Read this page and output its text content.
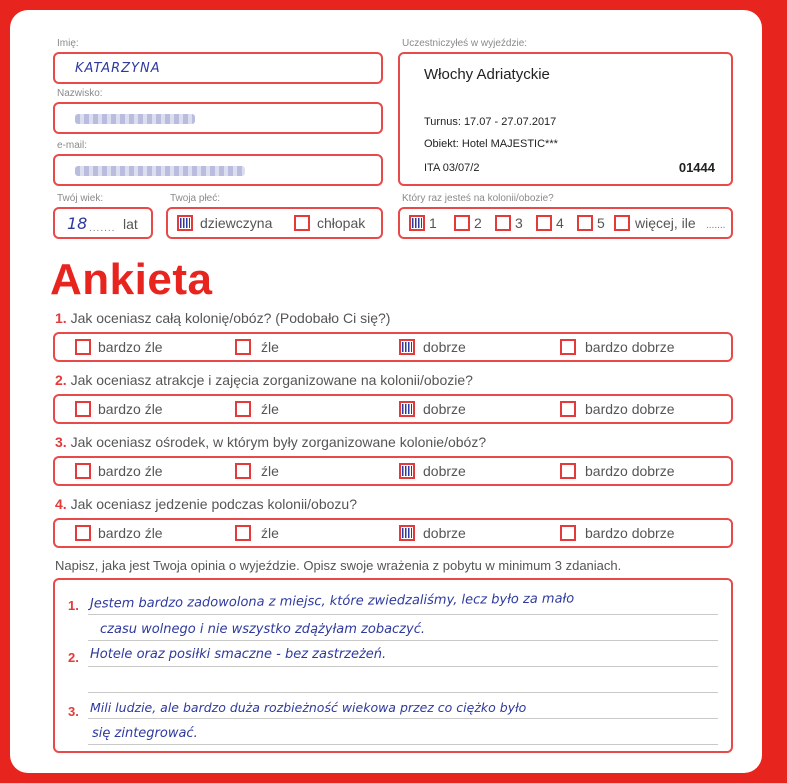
Imię:
KATARZYNA
Nazwisko:
e-mail:
Twój wiek:
18 ....... lat
Twoja płeć:
dziewczyna	chłopak
Uczestniczyłeś w wyjeździe:
Włochy Adriatyckie
Turnus: 17.07 - 27.07.2017
Obiekt: Hotel MAJESTIC***
ITA 03/07/2	01444
Który raz jesteś na kolonii/obozie?
1	2 3 4 5 więcej, ile .......
Ankieta
1. Jak oceniasz całą kolonię/obóz? (Podobało Ci się?)
bardzo źle	źle	dobrze	bardzo dobrze
2. Jak oceniasz atrakcje i zajęcia zorganizowane na kolonii/obozie?
bardzo źle	źle	dobrze	bardzo dobrze
3. Jak oceniasz ośrodek, w którym były zorganizowane kolonie/obóz?
bardzo źle	źle	dobrze	bardzo dobrze
4. Jak oceniasz jedzenie podczas kolonii/obozu?
bardzo źle	źle	dobrze	bardzo dobrze
Napisz, jaka jest Twoja opinia o wyjeździe. Opisz swoje wrażenia z pobytu w minimum 3 zdaniach.
1.
2.
3.
Jestem bardzo zadowolona z miejsc, które zwiedzaliśmy, lecz było za mało
czasu wolnego i nie wszystko zdążyłam zobaczyć.
Hotele oraz posiłki smaczne - bez zastrzeżeń.
Mili ludzie, ale bardzo duża rozbieżność wiekowa przez co ciężko było
się zintegrować.
